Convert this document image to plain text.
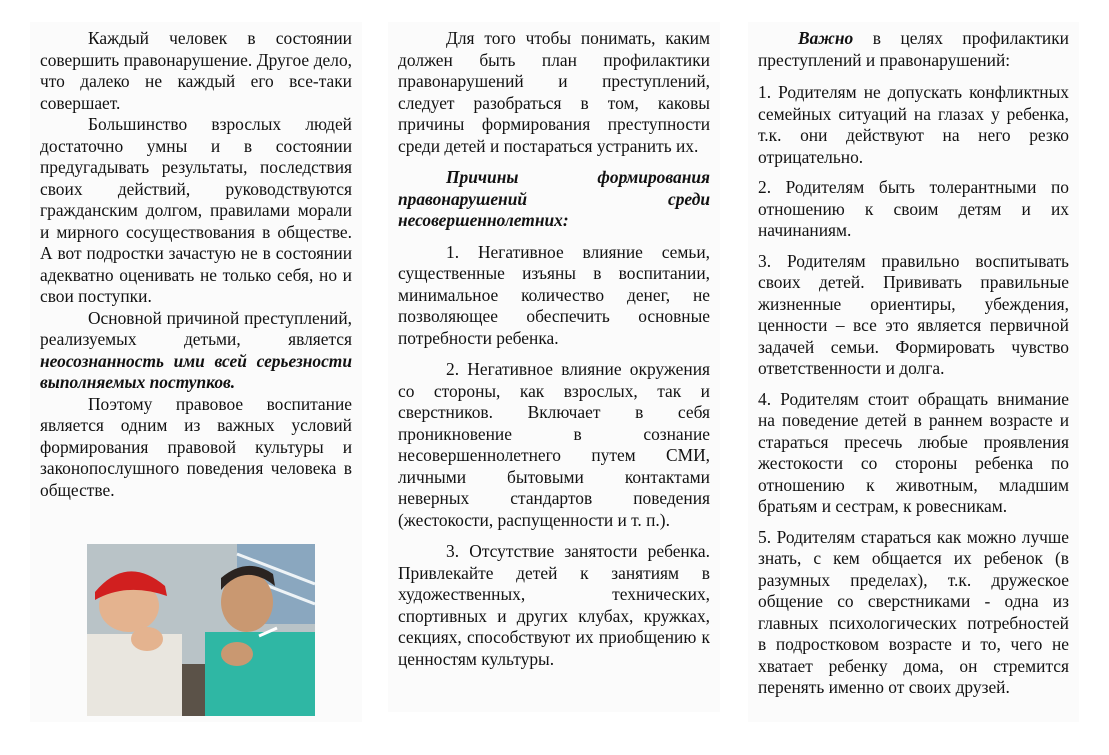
Каждый человек в состоянии совершить правонарушение. Другое дело, что далеко не каждый его все-таки совершает.

Большинство взрослых людей достаточно умны и в состоянии предугадывать результаты, последствия своих действий, руководствуются гражданским долгом, правилами морали и мирного сосуществования в обществе. А вот подростки зачастую не в состоянии адекватно оценивать не только себя, но и свои поступки.

Основной причиной преступлений, реализуемых детьми, является неосознанность ими всей серьезности выполняемых поступков.

Поэтому правовое воспитание является одним из важных условий формирования правовой культуры и законопослушного поведения человека в обществе.

Для того чтобы понимать, каким должен быть план профилактики правонарушений и преступлений, следует разобраться в том, каковы причины формирования преступности среди детей и постараться устранить их.

Причины формирования правонарушений среди несовершеннолетних:

1. Негативное влияние семьи, существенные изъяны в воспитании, минимальное количество денег, не позволяющее обеспечить основные потребности ребенка.

2. Негативное влияние окружения со стороны, как взрослых, так и сверстников. Включает в себя проникновение в сознание несовершеннолетнего путем СМИ, личными бытовыми контактами неверных стандартов поведения (жестокости, распущенности и т. п.).

3. Отсутствие занятости ребенка. Привлекайте детей к занятиям в художественных, технических, спортивных и других клубах, кружках, секциях, способствуют их приобщению к ценностям культуры.

Важно в целях профилактики преступлений и правонарушений:

1. Родителям не допускать конфликтных семейных ситуаций на глазах у ребенка, т.к. они действуют на него резко отрицательно.

2. Родителям быть толерантными по отношению к своим детям и их начинаниям.

3. Родителям правильно воспитывать своих детей. Прививать правильные жизненные ориентиры, убеждения, ценности – все это является первичной задачей семьи. Формировать чувство ответственности и долга.

4. Родителям стоит обращать внимание на поведение детей в раннем возрасте и стараться пресечь любые проявления жестокости со стороны ребенка по отношению к животным, младшим братьям и сестрам, к ровесникам.

5. Родителям стараться как можно лучше знать, с кем общается их ребенок (в разумных пределах), т.к. дружеское общение со сверстниками - одна из главных психологических потребностей в подростковом возрасте и то, чего не хватает ребенку дома, он стремится перенять именно от своих друзей.
